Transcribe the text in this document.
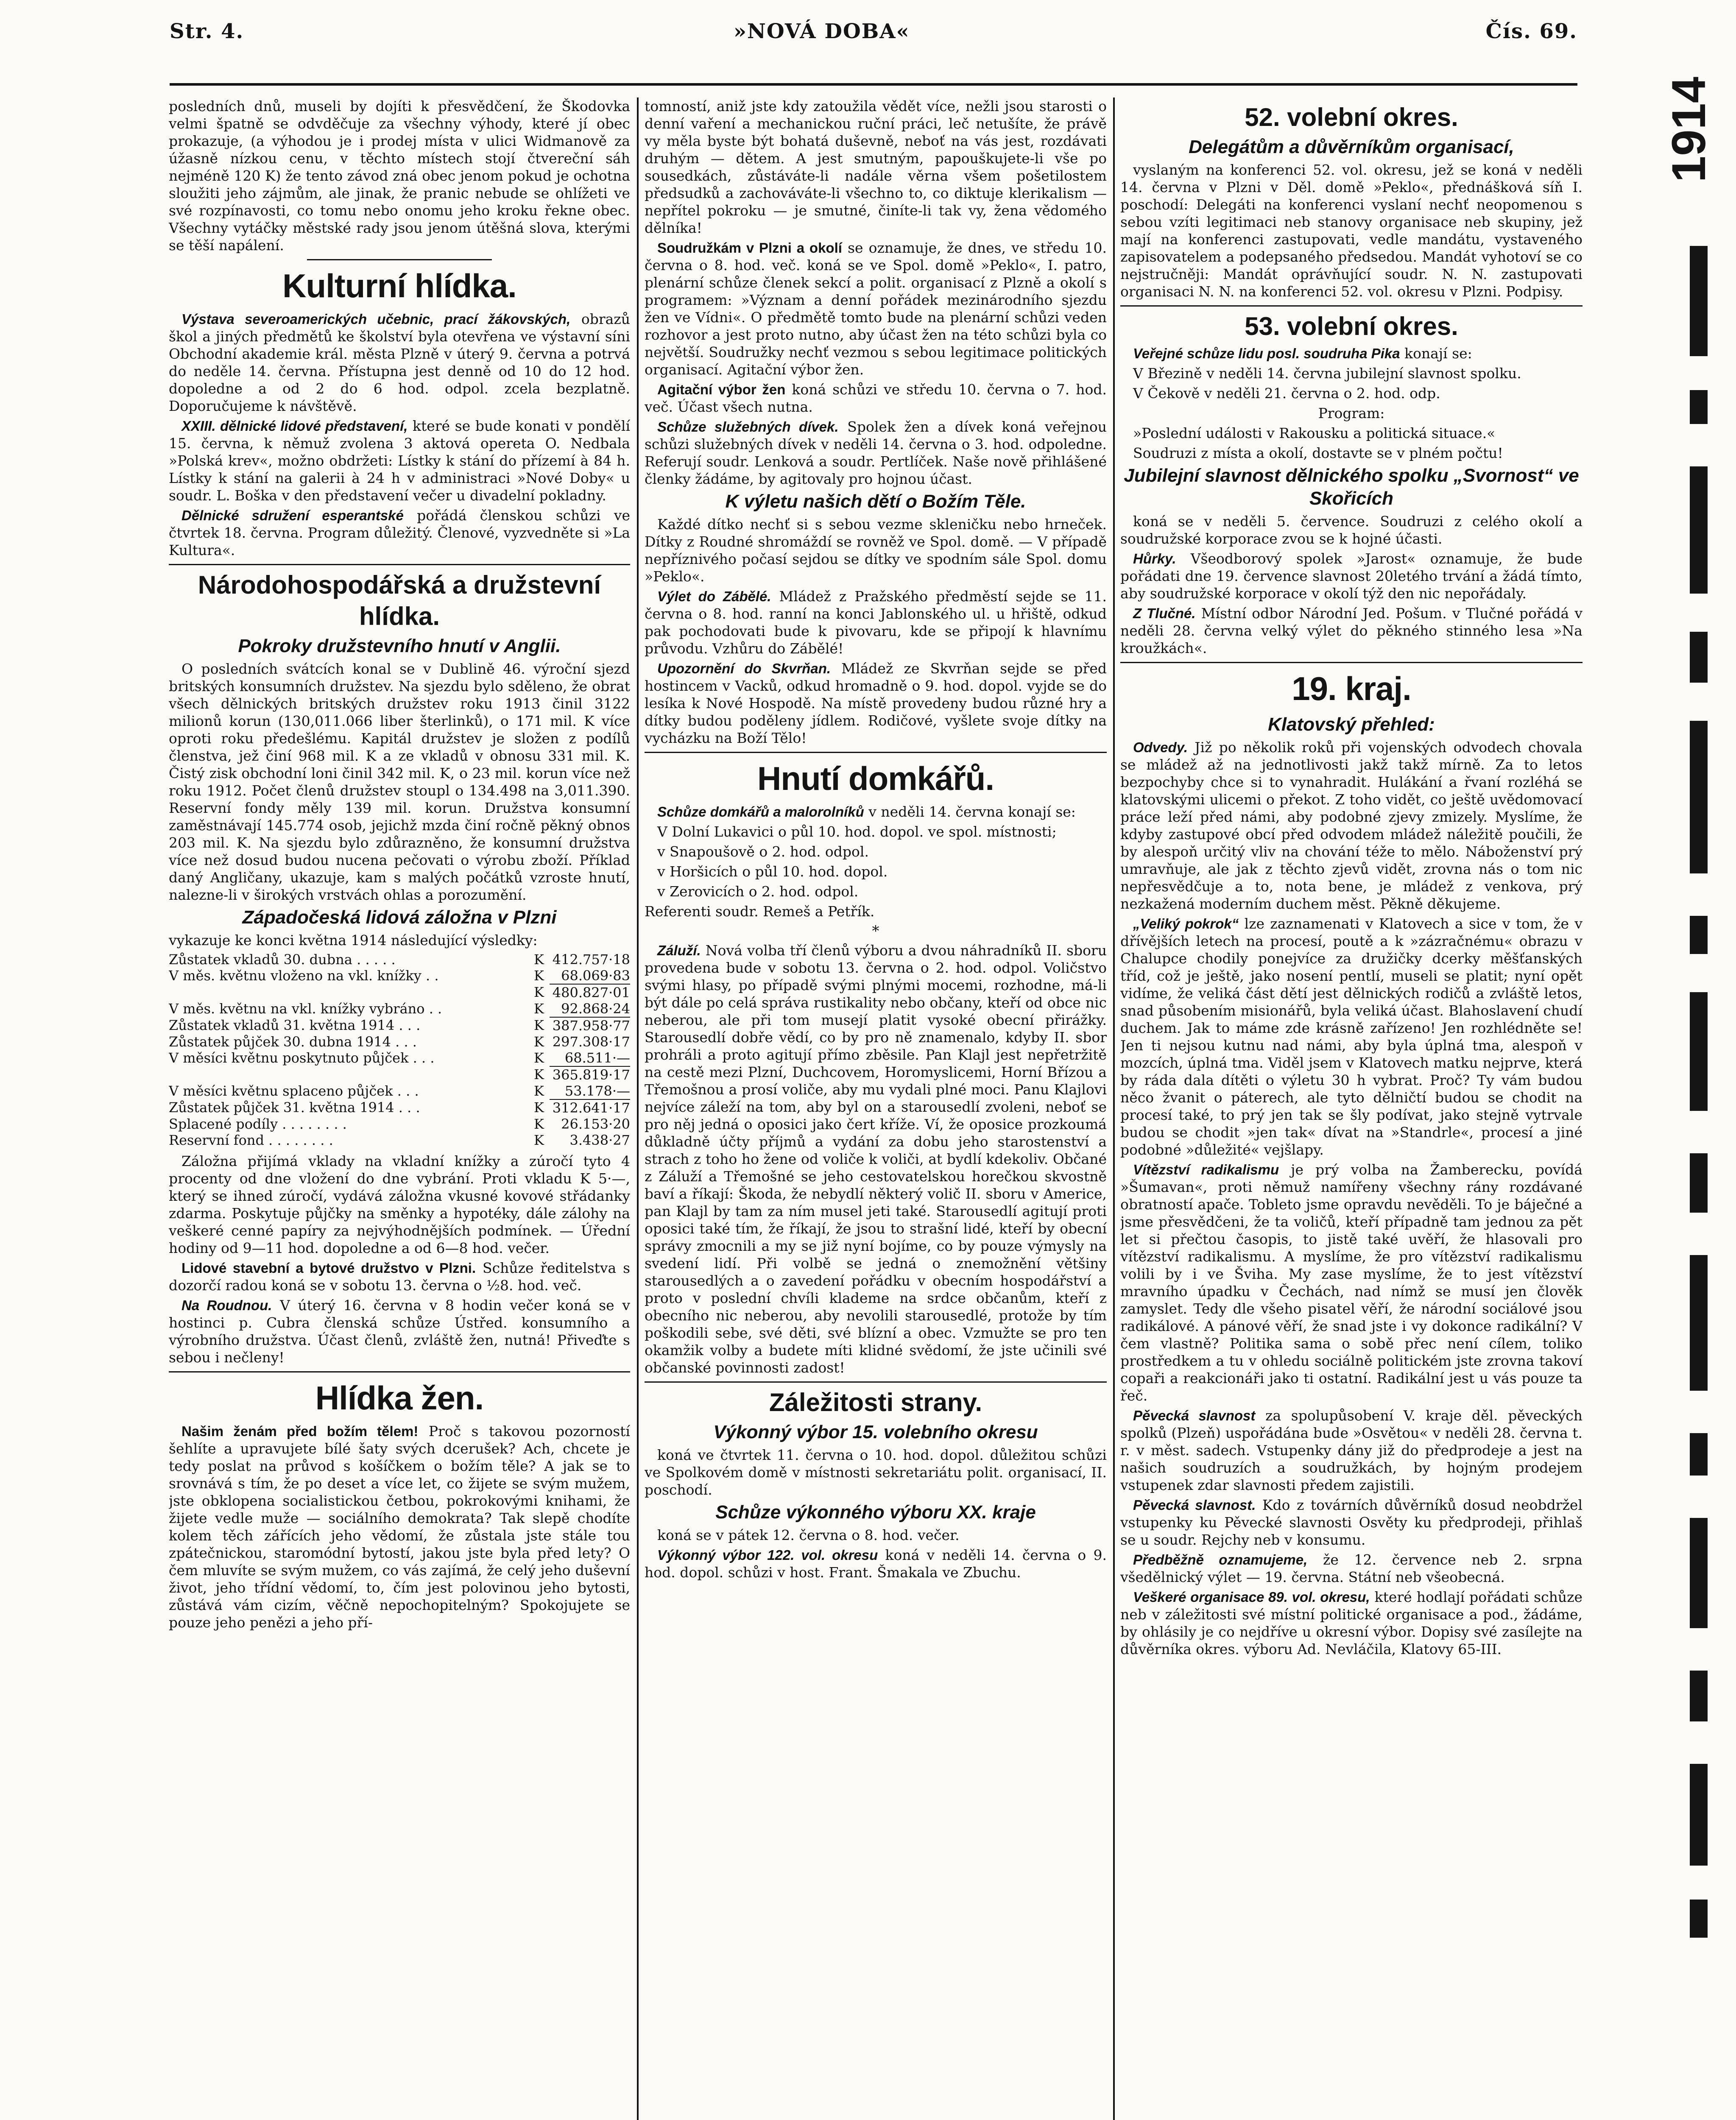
Str. 4.	»NOVÁ DOBA«	Čís. 69.

posledních dnů, museli by dojíti k přesvědčení, že Škodovka velmi špatně se odvděčuje za všechny výhody, které jí obec prokazuje, (a výhodou je i prodej místa v ulici Widmanově za úžasně nízkou cenu, v těchto místech stojí čtvereční sáh nejméně 120 K) že tento závod zná obec jenom pokud je ochotna sloužiti jeho zájmům, ale jinak, že pranic nebude se ohlížeti ve své rozpínavosti, co tomu nebo onomu jeho kroku řekne obec. Všechny vytáčky městské rady jsou jenom útěšná slova, kterými se těší napálení.

Kulturní hlídka.

Výstava severoamerických učebnic, prací žákovských, obrazů škol a jiných předmětů ke školství byla otevřena ve výstavní síni Obchodní akademie král. města Plzně v úterý 9. června a potrvá do neděle 14. června. Přístupna jest denně od 10 do 12 hod. dopoledne a od 2 do 6 hod. odpol. zcela bezplatně. Doporučujeme k návštěvě.

XXIII. dělnické lidové představení, které se bude konati v pondělí 15. června, k němuž zvolena 3 aktová opereta O. Nedbala »Polská krev«, možno obdržeti: Lístky k stání do přízemí à 84 h. Lístky k stání na galerii à 24 h v administraci »Nové Doby« u soudr. L. Boška v den představení večer u divadelní pokladny.

Dělnické sdružení esperantské pořádá členskou schůzi ve čtvrtek 18. června. Program důležitý. Členové, vyzvedněte si »La Kultura«.

Národohospodářská a družstevní hlídka.
Pokroky družstevního hnutí v Anglii.

O posledních svátcích konal se v Dublině 46. výroční sjezd britských konsumních družstev. Na sjezdu bylo sděleno, že obrat všech dělnických britských družstev roku 1913 činil 3122 milionů korun (130,011.066 liber šterlinků), o 171 mil. K více oproti roku předešlému. Kapitál družstev je složen z podílů členstva, jež činí 968 mil. K a ze vkladů v obnosu 331 mil. K. Čistý zisk obchodní loni činil 342 mil. K, o 23 mil. korun více než roku 1912. Počet členů družstev stoupl o 134.498 na 3,011.390. Reservní fondy měly 139 mil. korun. Družstva konsumní zaměstnávají 145.774 osob, jejichž mzda činí ročně pěkný obnos 203 mil. K. Na sjezdu bylo zdůrazněno, že konsumní družstva více než dosud budou nucena pečovati o výrobu zboží. Příklad daný Angličany, ukazuje, kam s malých počátků vzroste hnutí, nalezne-li v širokých vrstvách ohlas a porozumění.

Západočeská lidová záložna v Plzni

vykazuje ke konci května 1914 následující výsledky:

Zůstatek vkladů 30. dubna . . . . .	K	412.757·18
V měs. květnu vloženo na vkl. knížky . .	K	68.069·83
	K	480.827·01
V měs. květnu na vkl. knížky vybráno . .	K	92.868·24
Zůstatek vkladů 31. května 1914 . . .	K	387.958·77
Zůstatek půjček 30. dubna 1914 . . .	K	297.308·17
V měsíci květnu poskytnuto půjček . . .	K	68.511·—
	K	365.819·17
V měsíci květnu splaceno půjček . . .	K	53.178·—
Zůstatek půjček 31. května 1914 . . .	K	312.641·17
Splacené podíly . . . . . . . .	K	26.153·20
Reservní fond . . . . . . . .	K	3.438·27

Záložna přijímá vklady na vkladní knížky a zúročí tyto 4 procenty od dne vložení do dne vybrání. Proti vkladu K 5·—, který se ihned zúročí, vydává záložna vkusné kovové střádanky zdarma. Poskytuje půjčky na směnky a hypotéky, dále zálohy na veškeré cenné papíry za nejvýhodnějších podmínek. — Úřední hodiny od 9—11 hod. dopoledne a od 6—8 hod. večer.

Lidové stavební a bytové družstvo v Plzni. Schůze ředitelstva s dozorčí radou koná se v sobotu 13. června o ½8. hod. več.

Na Roudnou. V úterý 16. června v 8 hodin večer koná se v hostinci p. Cubra členská schůze Ústřed. konsumního a výrobního družstva. Účast členů, zvláště žen, nutná! Přiveďte s sebou i nečleny!

Hlídka žen.

Našim ženám před božím tělem! Proč s takovou pozorností šehlíte a upravujete bílé šaty svých dcerušek? Ach, chcete je tedy poslat na průvod s košíčkem o božím těle? A jak se to srovnává s tím, že po deset a více let, co žijete se svým mužem, jste obklopena socialistickou četbou, pokrokovými knihami, že žijete vedle muže — sociálního demokrata? Tak slepě chodíte kolem těch zářících jeho vědomí, že zůstala jste stále tou zpátečnickou, staromódní bytostí, jakou jste byla před lety? O čem mluvíte se svým mužem, co vás zajímá, že celý jeho duševní život, jeho třídní vědomí, to, čím jest polovinou jeho bytosti, zůstává vám cizím, věčně nepochopitelným? Spokojujete se pouze jeho penězi a jeho pří-

tomností, aniž jste kdy zatoužila vědět více, nežli jsou starosti o denní vaření a mechanickou ruční práci, leč netušíte, že právě vy měla byste být bohatá duševně, neboť na vás jest, rozdávati druhým — dětem. A jest smutným, papouškujete-li vše po sousedkách, zůstáváte-li nadále věrna všem pošetilostem předsudků a zachováváte-li všechno to, co diktuje klerikalism — nepřítel pokroku — je smutné, činíte-li tak vy, žena vědomého dělníka!

Soudružkám v Plzni a okolí se oznamuje, že dnes, ve středu 10. června o 8. hod. več. koná se ve Spol. domě »Peklo«, I. patro, plenární schůze členek sekcí a polit. organisací z Plzně a okolí s programem: »Význam a denní pořádek mezinárodního sjezdu žen ve Vídni«. O předmětě tomto bude na plenární schůzi veden rozhovor a jest proto nutno, aby účast žen na této schůzi byla co největší. Soudružky nechť vezmou s sebou legitimace politických organisací. Agitační výbor žen.

Agitační výbor žen koná schůzi ve středu 10. června o 7. hod. več. Účast všech nutna.

Schůze služebných dívek. Spolek žen a dívek koná veřejnou schůzi služebných dívek v neděli 14. června o 3. hod. odpoledne. Referují soudr. Lenková a soudr. Pertlíček. Naše nově přihlášené členky žádáme, by agitovaly pro hojnou účast.

K výletu našich dětí o Božím Těle.

Každé dítko nechť si s sebou vezme skleničku nebo hrneček. Dítky z Roudné shromáždí se rovněž ve Spol. domě. — V případě nepříznivého počasí sejdou se dítky ve spodním sále Spol. domu »Peklo«.

Výlet do Zábělé. Mládež z Pražského předměstí sejde se 11. června o 8. hod. ranní na konci Jablonského ul. u hřiště, odkud pak pochodovati bude k pivovaru, kde se připojí k hlavnímu průvodu. Vzhůru do Zábělé!

Upozornění do Skvrňan. Mládež ze Skvrňan sejde se před hostincem v Vacků, odkud hromadně o 9. hod. dopol. vyjde se do lesíka k Nové Hospodě. Na místě provedeny budou různé hry a dítky budou poděleny jídlem. Rodičové, vyšlete svoje dítky na vycházku na Boží Tělo!

Hnutí domkářů.

Schůze domkářů a malorolníků v neděli 14. června konají se:

V Dolní Lukavici o půl 10. hod. dopol. ve spol. místnosti;

v Snapoušově o 2. hod. odpol.

v Horšicích o půl 10. hod. dopol.

v Zerovicích o 2. hod. odpol.

Referenti soudr. Remeš a Petřík.

*

Záluží. Nová volba tří členů výboru a dvou náhradníků II. sboru provedena bude v sobotu 13. června o 2. hod. odpol. Voličstvo svými hlasy, po případě svými plnými mocemi, rozhodne, má-li být dále po celá správa rustikality nebo občany, kteří od obce nic neberou, ale při tom musejí platit vysoké obecní přirážky. Starousedlí dobře vědí, co by pro ně znamenalo, kdyby II. sbor prohráli a proto agitují přímo zběsile. Pan Klajl jest nepřetržitě na cestě mezi Plzní, Duchcovem, Horomyslicemi, Horní Břízou a Třemošnou a prosí voliče, aby mu vydali plné moci. Panu Klajlovi nejvíce záleží na tom, aby byl on a starousedlí zvoleni, neboť se pro něj jedná o oposici jako čert kříže. Ví, že oposice prozkoumá důkladně účty příjmů a vydání za dobu jeho starostenství a strach z toho ho žene od voliče k voliči, at bydlí kdekoliv. Občané z Záluží a Třemošné se jeho cestovatelskou horečkou skvostně baví a říkají: Škoda, že nebydlí některý volič II. sboru v Americe, pan Klajl by tam za ním musel jeti také. Starousedlí agitují proti oposici také tím, že říkají, že jsou to strašní lidé, kteří by obecní správy zmocnili a my se již nyní bojíme, co by pouze výmysly na svedení lidí. Při volbě se jedná o znemožnění většiny starousedlých a o zavedení pořádku v obecním hospodářství a proto v poslední chvíli klademe na srdce občanům, kteří z obecního nic neberou, aby nevolili starousedlé, protože by tím poškodili sebe, své děti, své blízní a obec. Vzmužte se pro ten okamžik volby a budete míti klidné svědomí, že jste učinili své občanské povinnosti zadost!

Záležitosti strany.
Výkonný výbor 15. volebního okresu

koná ve čtvrtek 11. června o 10. hod. dopol. důležitou schůzi ve Spolkovém domě v místnosti sekretariátu polit. organisací, II. poschodí.

Schůze výkonného výboru XX. kraje

koná se v pátek 12. června o 8. hod. večer.

Výkonný výbor 122. vol. okresu koná v neděli 14. června o 9. hod. dopol. schůzi v host. Frant. Šmakala ve Zbuchu.

52. volební okres.
Delegátům a důvěrníkům organisací,

vyslaným na konferenci 52. vol. okresu, jež se koná v neděli 14. června v Plzni v Děl. domě »Peklo«, přednášková síň I. poschodí: Delegáti na konferenci vyslaní nechť neopomenou s sebou vzíti legitimaci neb stanovy organisace neb skupiny, jež mají na konferenci zastupovati, vedle mandátu, vystaveného zapisovatelem a podepsaného předsedou. Mandát vyhotoví se co nejstručněji: Mandát oprávňující soudr. N. N. zastupovati organisaci N. N. na konferenci 52. vol. okresu v Plzni. Podpisy.

53. volební okres.

Veřejné schůze lidu posl. soudruha Pika konají se:

V Březině v neděli 14. června jubilejní slavnost spolku.

V Čekově v neděli 21. června o 2. hod. odp.

Program:

»Poslední události v Rakousku a politická situace.«

Soudruzi z místa a okolí, dostavte se v plném počtu!

Jubilejní slavnost dělnického spolku „Svornost“ ve Skořicích

koná se v neděli 5. července. Soudruzi z celého okolí a soudružské korporace zvou se k hojné účasti.

Hůrky. Všeodborový spolek »Jarost« oznamuje, že bude pořádati dne 19. července slavnost 20letého trvání a žádá tímto, aby soudružské korporace v okolí týž den nic nepořádaly.

Z Tlučné. Místní odbor Národní Jed. Pošum. v Tlučné pořádá v neděli 28. června velký výlet do pěkného stinného lesa »Na kroužkách«.

19. kraj.
Klatovský přehled:

Odvedy. Již po několik roků při vojenských odvodech chovala se mládež až na jednotlivosti jakž takž mírně. Za to letos bezpochyby chce si to vynahradit. Hulákání a řvaní rozléhá se klatovskými ulicemi o překot. Z toho vidět, co ještě uvědomovací práce leží před námi, aby podobné zjevy zmizely. Myslíme, že kdyby zastupové obcí před odvodem mládež náležitě poučili, že by alespoň určitý vliv na chování téže to mělo. Náboženství prý umravňuje, ale jak z těchto zjevů vidět, zrovna nás o tom nic nepřesvědčuje a to, nota bene, je mládež z venkova, prý nezkažená moderním duchem měst. Pěkně děkujeme.

„Veliký pokrok“ lze zaznamenati v Klatovech a sice v tom, že v dřívějších letech na procesí, poutě a k »zázračnému« obrazu v Chalupce chodily ponejvíce za družičky dcerky měšťanských tříd, což je ještě, jako nosení pentlí, museli se platit; nyní opět vidíme, že veliká část dětí jest dělnických rodičů a zvláště letos, snad působením misionářů, byla veliká účast. Blahoslavení chudí duchem. Jak to máme zde krásně zařízeno! Jen rozhlédněte se! Jen ti nejsou kutnu nad námi, aby byla úplná tma, alespoň v mozcích, úplná tma. Viděl jsem v Klatovech matku nejprve, která by ráda dala dítěti o výletu 30 h vybrat. Proč? Ty vám budou něco žvanit o páterech, ale tyto dělničtí budou se chodit na procesí také, to prý jen tak se šly podívat, jako stejně vytrvale budou se chodit »jen tak« dívat na »Standrle«, procesí a jiné podobné »důležité« vejšlapy.

Vítězství radikalismu je prý volba na Žamberecku, povídá »Šumavan«, proti němuž namířeny všechny rány rozdávané obratností apače. Tobleto jsme opravdu nevěděli. To je báječné a jsme přesvědčeni, že ta voličů, kteří případně tam jednou za pět let si přečtou časopis, to jistě také uvěří, že hlasovali pro vítězství radikalismu. A myslíme, že pro vítězství radikalismu volili by i ve Šviha. My zase myslíme, že to jest vítězství mravního úpadku v Čechách, nad nímž se musí jen člověk zamyslet. Tedy dle všeho pisatel věří, že národní sociálové jsou radikálové. A pánové věří, že snad jste i vy dokonce radikální? V čem vlastně? Politika sama o sobě přec není cílem, toliko prostředkem a tu v ohledu sociálně politickém jste zrovna takoví copaři a reakcionáři jako ti ostatní. Radikální jest u vás pouze ta řeč.

Pěvecká slavnost za spolupůsobení V. kraje děl. pěveckých spolků (Plzeň) uspořádána bude »Osvětou« v neděli 28. června t. r. v měst. sadech. Vstupenky dány již do předprodeje a jest na našich soudruzích a soudružkách, by hojným prodejem vstupenek zdar slavnosti předem zajistili.

Pěvecká slavnost. Kdo z továrních důvěrníků dosud neobdržel vstupenky ku Pěvecké slavnosti Osvěty ku předprodeji, přihlaš se u soudr. Rejchy neb v konsumu.

Předběžně oznamujeme, že 12. července neb 2. srpna všedělnický výlet — 19. června. Státní neb všeobecná.

Veškeré organisace 89. vol. okresu, které hodlají pořádati schůze neb v záležitosti své místní politické organisace a pod., žádáme, by ohlásily je co nejdříve u okresní výbor. Dopisy své zasílejte na důvěrníka okres. výboru Ad. Nevláčila, Klatovy 65-III.

1914
